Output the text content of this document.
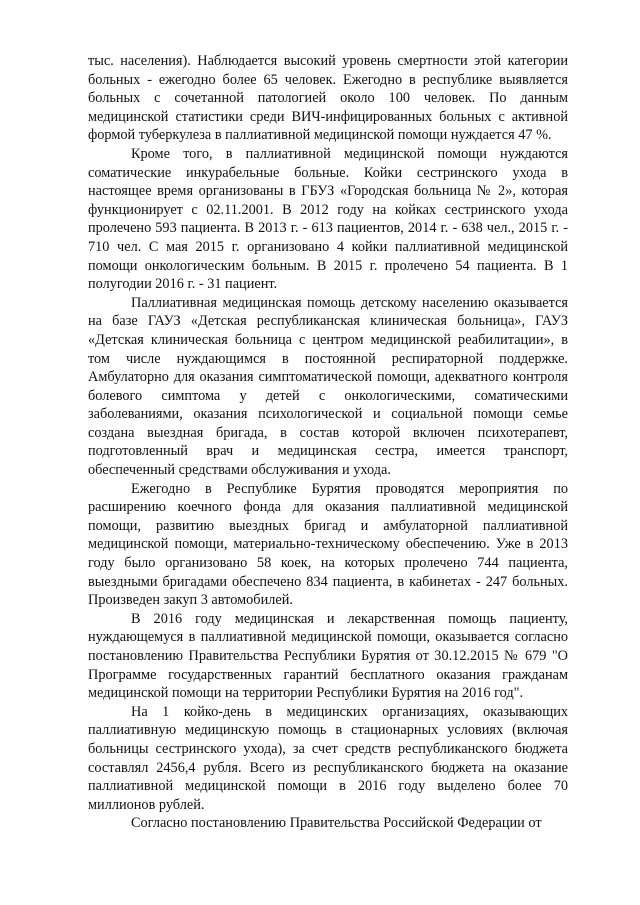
тыс. населения). Наблюдается высокий уровень смертности этой категории больных - ежегодно более 65 человек. Ежегодно в республике выявляется больных с сочетанной патологией около 100 человек. По данным медицинской статистики среди ВИЧ-инфицированных больных с активной формой туберкулеза в паллиативной медицинской помощи нуждается 47 %.

Кроме того, в паллиативной медицинской помощи нуждаются соматические инкурабельные больные. Койки сестринского ухода в настоящее время организованы в ГБУЗ «Городская больница № 2», которая функционирует с 02.11.2001. В 2012 году на койках сестринского ухода пролечено 593 пациента. В 2013 г. - 613 пациентов, 2014 г. - 638 чел., 2015 г. - 710 чел. С мая 2015 г. организовано 4 койки паллиативной медицинской помощи онкологическим больным. В 2015 г. пролечено 54 пациента. В 1 полугодии 2016 г. - 31 пациент.

Паллиативная медицинская помощь детскому населению оказывается на базе ГАУЗ «Детская республиканская клиническая больница», ГАУЗ «Детская клиническая больница с центром медицинской реабилитации», в том числе нуждающимся в постоянной респираторной поддержке. Амбулаторно для оказания симптоматической помощи, адекватного контроля болевого симптома у детей с онкологическими, соматическими заболеваниями, оказания психологической и социальной помощи семье создана выездная бригада, в состав которой включен психотерапевт, подготовленный врач и медицинская сестра, имеется транспорт, обеспеченный средствами обслуживания и ухода.

Ежегодно в Республике Бурятия проводятся мероприятия по расширению коечного фонда для оказания паллиативной медицинской помощи, развитию выездных бригад и амбулаторной паллиативной медицинской помощи, материально-техническому обеспечению. Уже в 2013 году было организовано 58 коек, на которых пролечено 744 пациента, выездными бригадами обеспечено 834 пациента, в кабинетах - 247 больных. Произведен закуп 3 автомобилей.

В 2016 году медицинская и лекарственная помощь пациенту, нуждающемуся в паллиативной медицинской помощи, оказывается согласно постановлению Правительства Республики Бурятия от 30.12.2015 № 679 "О Программе государственных гарантий бесплатного оказания гражданам медицинской помощи на территории Республики Бурятия на 2016 год".

На 1 койко-день в медицинских организациях, оказывающих паллиативную медицинскую помощь в стационарных условиях (включая больницы сестринского ухода), за счет средств республиканского бюджета составлял 2456,4 рубля. Всего из республиканского бюджета на оказание паллиативной медицинской помощи в 2016 году выделено более 70 миллионов рублей.

Согласно постановлению Правительства Российской Федерации от
